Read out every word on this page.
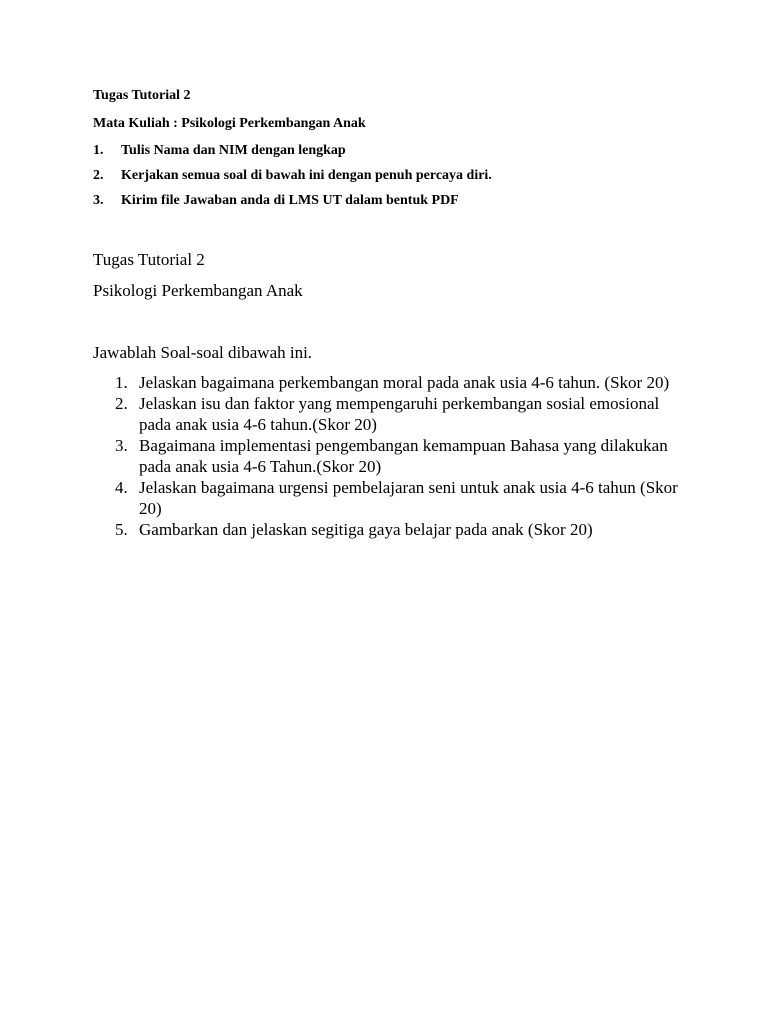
Tugas Tutorial 2
Mata Kuliah : Psikologi Perkembangan Anak
1. Tulis Nama dan NIM dengan lengkap
2. Kerjakan semua soal di bawah ini dengan penuh percaya diri.
3. Kirim file Jawaban anda di LMS UT dalam bentuk PDF
Tugas Tutorial 2
Psikologi Perkembangan Anak
Jawablah Soal-soal dibawah ini.
1. Jelaskan bagaimana perkembangan moral pada anak usia 4-6 tahun. (Skor 20)
2. Jelaskan isu dan faktor yang mempengaruhi perkembangan sosial emosional pada anak usia 4-6 tahun.(Skor 20)
3. Bagaimana implementasi pengembangan kemampuan Bahasa yang dilakukan pada anak usia 4-6 Tahun.(Skor 20)
4. Jelaskan bagaimana urgensi pembelajaran seni untuk anak usia 4-6 tahun (Skor 20)
5. Gambarkan dan jelaskan segitiga gaya belajar pada anak (Skor 20)
